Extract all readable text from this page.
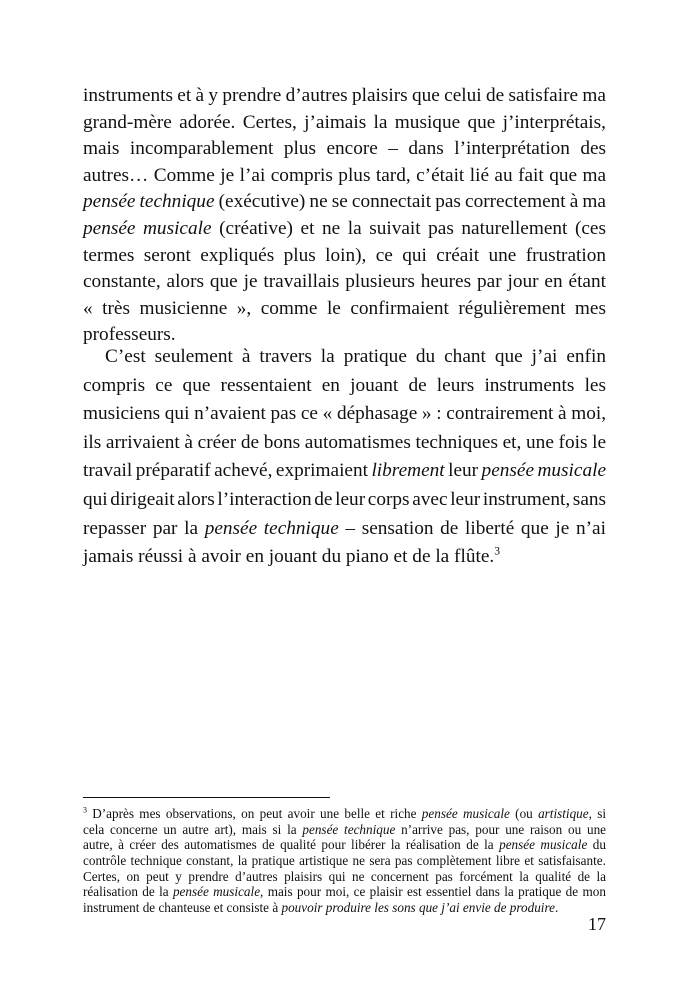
instruments et à y prendre d’autres plaisirs que celui de satisfaire ma
grand-mère adorée. Certes, j’aimais la musique que j’interprétais,
mais incomparablement plus encore – dans l’interprétation des
autres… Comme je l’ai compris plus tard, c’était lié au fait que ma
pensée technique (exécutive) ne se connectait pas correctement à ma
pensée musicale (créative) et ne la suivait pas naturellement (ces
termes seront expliqués plus loin), ce qui créait une frustration
constante, alors que je travaillais plusieurs heures par jour en étant
« très musicienne », comme le confirmaient régulièrement mes
professeurs.
C’est seulement à travers la pratique du chant que j’ai enfin
compris ce que ressentaient en jouant de leurs instruments les
musiciens qui n’avaient pas ce « déphasage » : contrairement à moi,
ils arrivaient à créer de bons automatismes techniques et, une fois le
travail préparatif achevé, exprimaient librement leur pensée musicale
qui dirigeait alors l’interaction de leur corps avec leur instrument, sans
repasser par la pensée technique – sensation de liberté que je n’ai
jamais réussi à avoir en jouant du piano et de la flûte.$^3$
$^3$ D’après mes observations, on peut avoir une belle et riche pensée musicale (ou artistique, si
cela concerne un autre art), mais si la pensée technique n’arrive pas, pour une raison ou une
autre, à créer des automatismes de qualité pour libérer la réalisation de la pensée musicale du
contrôle technique constant, la pratique artistique ne sera pas complètement libre et satisfaisante.
Certes, on peut y prendre d’autres plaisirs qui ne concernent pas forcément la qualité de la
réalisation de la pensée musicale, mais pour moi, ce plaisir est essentiel dans la pratique de mon
instrument de chanteuse et consiste à pouvoir produire les sons que j’ai envie de produire.
17
